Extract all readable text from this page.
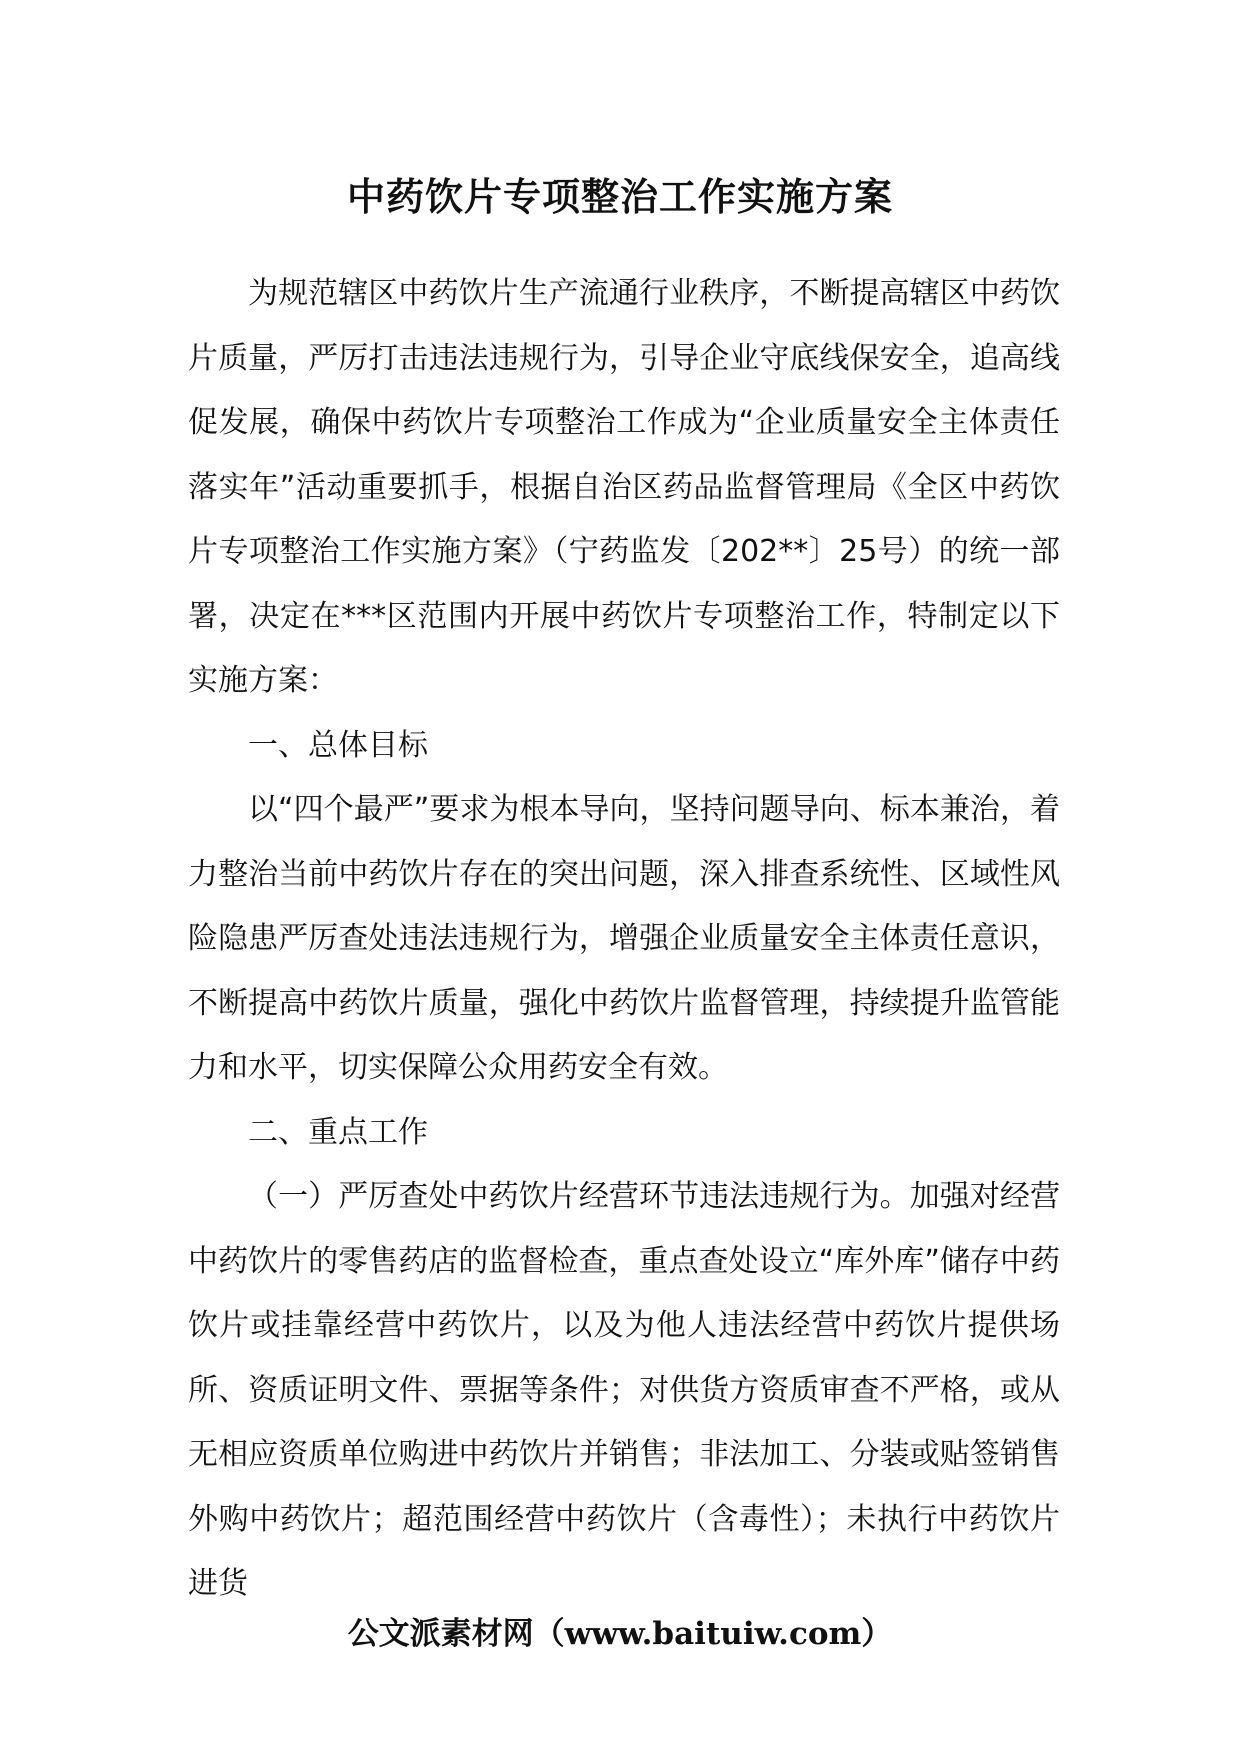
中药饮片专项整治工作实施方案

为规范辖区中药饮片生产流通行业秩序，不断提高辖区中药饮片质量，严厉打击违法违规行为，引导企业守底线保安全，追高线促发展，确保中药饮片专项整治工作成为“企业质量安全主体责任落实年”活动重要抓手，根据自治区药品监督管理局《全区中药饮片专项整治工作实施方案》（宁药监发〔202**〕25号）的统一部署，决定在***区范围内开展中药饮片专项整治工作，特制定以下实施方案：

一、总体目标

以“四个最严”要求为根本导向，坚持问题导向、标本兼治，着力整治当前中药饮片存在的突出问题，深入排查系统性、区域性风险隐患严厉查处违法违规行为，增强企业质量安全主体责任意识，不断提高中药饮片质量，强化中药饮片监督管理，持续提升监管能力和水平，切实保障公众用药安全有效。

二、重点工作

（一）严厉查处中药饮片经营环节违法违规行为。加强对经营中药饮片的零售药店的监督检查，重点查处设立“库外库”储存中药饮片或挂靠经营中药饮片，以及为他人违法经营中药饮片提供场所、资质证明文件、票据等条件；对供货方资质审查不严格，或从无相应资质单位购进中药饮片并销售；非法加工、分装或贴签销售外购中药饮片；超范围经营中药饮片（含毒性）；未执行中药饮片进货

公文派素材网（www.baituiw.com）
